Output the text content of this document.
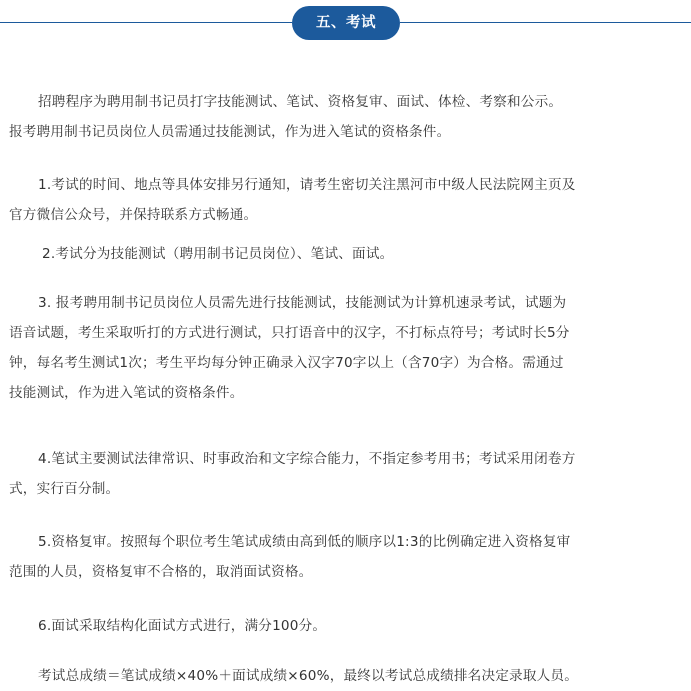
五、考试

招聘程序为聘用制书记员打字技能测试、笔试、资格复审、面试、体检、考察和公示。
报考聘用制书记员岗位人员需通过技能测试，作为进入笔试的资格条件。

1.考试的时间、地点等具体安排另行通知，请考生密切关注黑河市中级人民法院网主页及
官方微信公众号，并保持联系方式畅通。

2.考试分为技能测试（聘用制书记员岗位）、笔试、面试。

3. 报考聘用制书记员岗位人员需先进行技能测试，技能测试为计算机速录考试，试题为
语音试题，考生采取听打的方式进行测试，只打语音中的汉字，不打标点符号；考试时长5分
钟，每名考生测试1次；考生平均每分钟正确录入汉字70字以上（含70字）为合格。需通过
技能测试，作为进入笔试的资格条件。

4.笔试主要测试法律常识、时事政治和文字综合能力，不指定参考用书；考试采用闭卷方
式，实行百分制。

5.资格复审。按照每个职位考生笔试成绩由高到低的顺序以1:3的比例确定进入资格复审
范围的人员，资格复审不合格的，取消面试资格。

6.面试采取结构化面试方式进行，满分100分。

考试总成绩＝笔试成绩×40%＋面试成绩×60%，最终以考试总成绩排名决定录取人员。
